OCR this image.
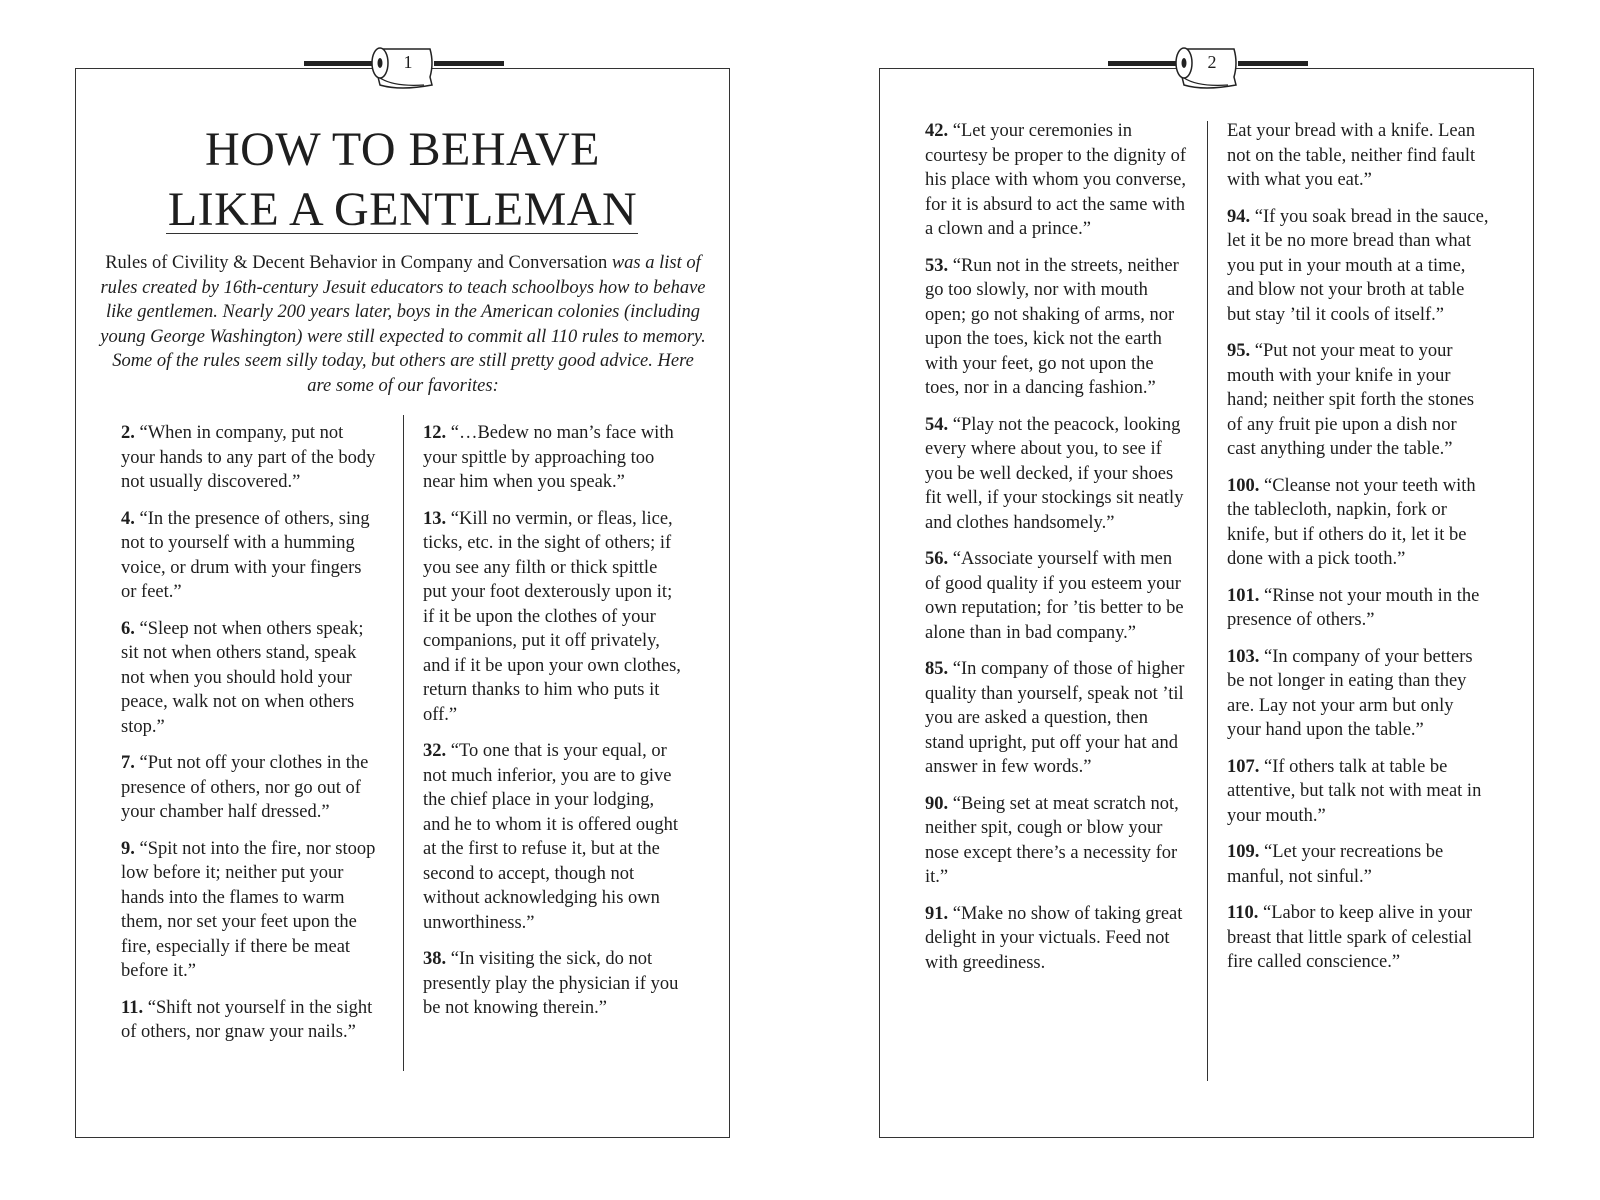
1
HOW TO BEHAVE
LIKE A GENTLEMAN
Rules of Civility & Decent Behavior in Company and Conversation was a list of rules created by 16th-century Jesuit educators to teach schoolboys how to behave like gentlemen. Nearly 200 years later, boys in the American colonies (including young George Washington) were still expected to commit all 110 rules to memory. Some of the rules seem silly today, but others are still pretty good advice. Here are some of our favorites:

2. “When in company, put not your hands to any part of the body not usually discovered.”

4. “In the presence of others, sing not to yourself with a humming voice, or drum with your fingers or feet.”

6. “Sleep not when others speak; sit not when others stand, speak not when you should hold your peace, walk not on when others stop.”

7. “Put not off your clothes in the presence of others, nor go out of your chamber half dressed.”

9. “Spit not into the fire, nor stoop low before it; neither put your hands into the flames to warm them, nor set your feet upon the fire, especially if there be meat before it.”

11. “Shift not yourself in the sight of others, nor gnaw your nails.”

12. “…Bedew no man’s face with your spittle by approaching too near him when you speak.”

13. “Kill no vermin, or fleas, lice, ticks, etc. in the sight of others; if you see any filth or thick spittle put your foot dexterously upon it; if it be upon the clothes of your companions, put it off privately, and if it be upon your own clothes, return thanks to him who puts it off.”

32. “To one that is your equal, or not much inferior, you are to give the chief place in your lodging, and he to whom it is offered ought at the first to refuse it, but at the second to accept, though not without acknowledging his own unworthiness.”

38. “In visiting the sick, do not presently play the physician if you be not knowing therein.”

2

42. “Let your ceremonies in courtesy be proper to the dignity of his place with whom you converse, for it is absurd to act the same with a clown and a prince.”

53. “Run not in the streets, neither go too slowly, nor with mouth open; go not shaking of arms, nor upon the toes, kick not the earth with your feet, go not upon the toes, nor in a dancing fashion.”

54. “Play not the peacock, looking every where about you, to see if you be well decked, if your shoes fit well, if your stockings sit neatly and clothes handsomely.”

56. “Associate yourself with men of good quality if you esteem your own reputation; for ’tis better to be alone than in bad company.”

85. “In company of those of higher quality than yourself, speak not ’til you are asked a question, then stand upright, put off your hat and answer in few words.”

90. “Being set at meat scratch not, neither spit, cough or blow your nose except there’s a necessity for it.”

91. “Make no show of taking great delight in your victuals. Feed not with greediness.

Eat your bread with a knife. Lean not on the table, neither find fault with what you eat.”

94. “If you soak bread in the sauce, let it be no more bread than what you put in your mouth at a time, and blow not your broth at table but stay ’til it cools of itself.”

95. “Put not your meat to your mouth with your knife in your hand; neither spit forth the stones of any fruit pie upon a dish nor cast anything under the table.”

100. “Cleanse not your teeth with the tablecloth, napkin, fork or knife, but if others do it, let it be done with a pick tooth.”

101. “Rinse not your mouth in the presence of others.”

103. “In company of your betters be not longer in eating than they are. Lay not your arm but only your hand upon the table.”

107. “If others talk at table be attentive, but talk not with meat in your mouth.”

109. “Let your recreations be manful, not sinful.”

110. “Labor to keep alive in your breast that little spark of celestial fire called conscience.”
